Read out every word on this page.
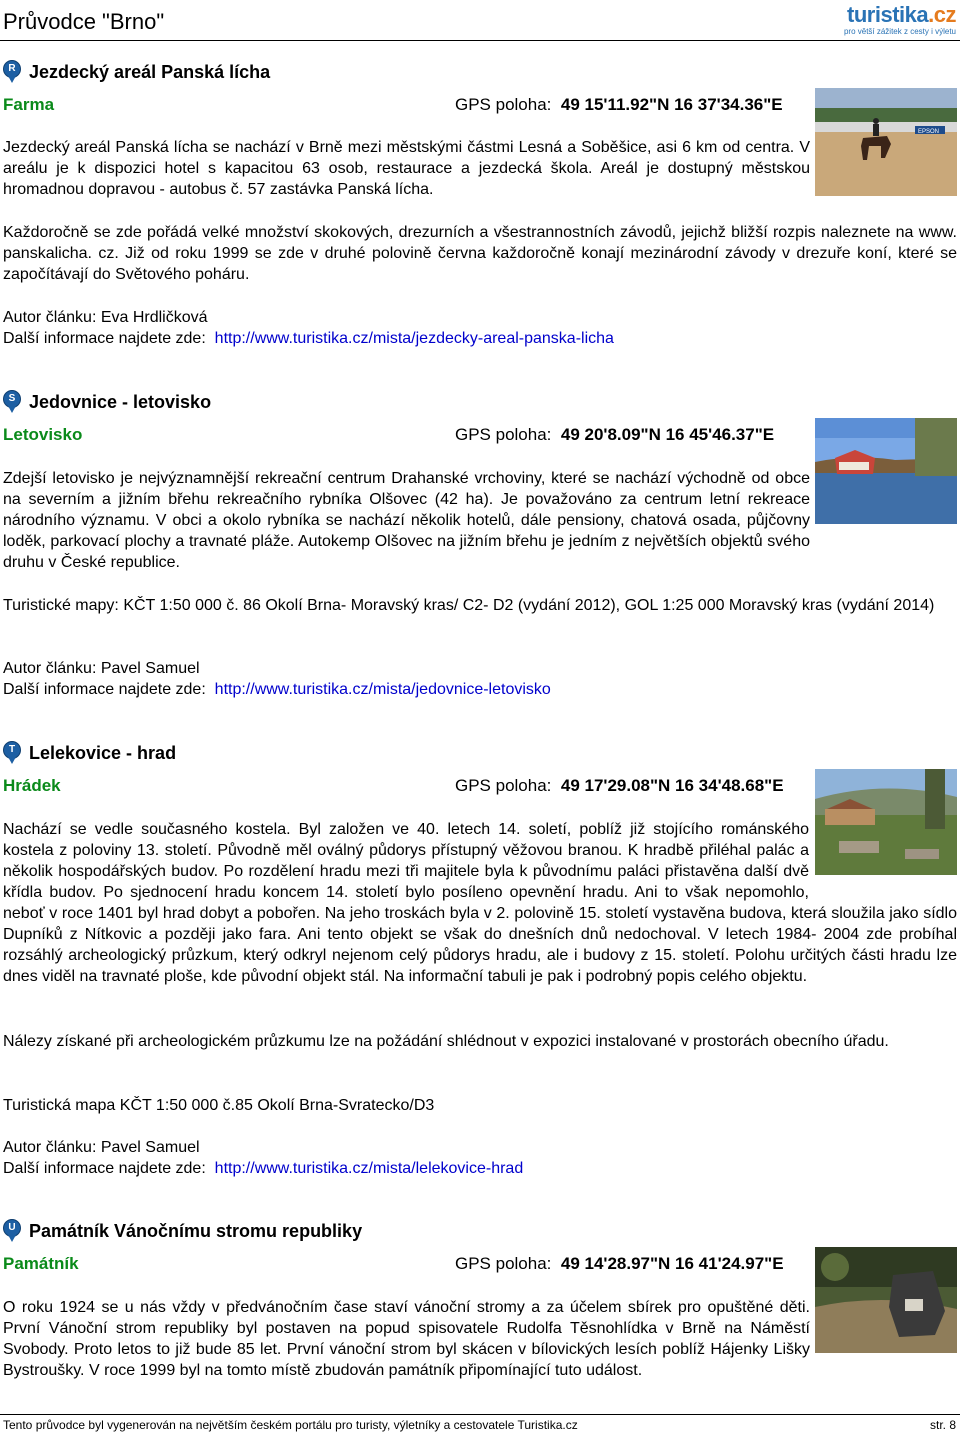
Průvodce "Brno"	turistika.cz
pro větší zážitek z cesty i výletu
R Jezdecký areál Panská lícha
Farma	GPS poloha: 49 15'11.92"N 16 37'34.36"E
EPSON
Jezdecký areál Panská lícha se nachází v Brně mezi městskými částmi Lesná a Soběšice, asi 6 km od centra. V areálu je k dispozici hotel s kapacitou 63 osob, restaurace a jezdecká škola. Areál je dostupný městskou hromadnou dopravou - autobus č. 57 zastávka Panská lícha.
Každoročně se zde pořádá velké množství skokových, drezurních a všestrannostních závodů, jejichž bližší rozpis naleznete na www. panskalicha. cz. Již od roku 1999 se zde v druhé polovině června každoročně konají mezinárodní závody v drezuře koní, které se započítávají do Světového poháru.
Autor článku: Eva Hrdličková
Další informace najdete zde: http://www.turistika.cz/mista/jezdecky-areal-panska-licha
S Jedovnice - letovisko
Letovisko	GPS poloha: 49 20'8.09"N 16 45'46.37"E
Zdejší letovisko je nejvýznamnější rekreační centrum Drahanské vrchoviny, které se nachází východně od obce na severním a jižním břehu rekreačního rybníka Olšovec (42 ha). Je považováno za centrum letní rekreace národního významu. V obci a okolo rybníka se nachází několik hotelů, dále pensiony, chatová osada, půjčovny loděk, parkovací plochy a travnaté pláže. Autokemp Olšovec na jižním břehu je jedním z největších objektů svého druhu v České republice.
Turistické mapy: KČT 1:50 000 č. 86 Okolí Brna- Moravský kras/ C2- D2 (vydání 2012), GOL 1:25 000 Moravský kras (vydání 2014)
Autor článku: Pavel Samuel
Další informace najdete zde: http://www.turistika.cz/mista/jedovnice-letovisko
T Lelekovice - hrad
Hrádek	GPS poloha: 49 17'29.08"N 16 34'48.68"E
Nachází se vedle současného kostela. Byl založen ve 40. letech 14. soletí, poblíž již stojícího románského kostela z poloviny 13. století. Původně měl oválný půdorys přístupný věžovou branou. K hradbě přiléhal palác a několik hospodářských budov. Po rozdělení hradu mezi tři majitele byla k původnímu paláci přistavěna další dvě křídla budov. Po sjednocení hradu koncem 14. století bylo posíleno opevnění hradu. Ani to však nepomohlo, neboť v roce 1401 byl hrad dobyt a pobořen. Na jeho troskách byla v 2. polovině 15. století vystavěna budova, která sloužila jako sídlo Dupníků z Nítkovic a později jako fara. Ani tento objekt se však do dnešních dnů nedochoval. V letech 1984- 2004 zde probíhal rozsáhlý archeologický průzkum, který odkryl nejenom celý půdorys hradu, ale i budovy z 15. století. Polohu určitých části hradu lze dnes viděl na travnaté ploše, kde původní objekt stál. Na informační tabuli je pak i podrobný popis celého objektu.
Nálezy získané při archeologickém průzkumu lze na požádání shlédnout v expozici instalované v prostorách obecního úřadu.
Turistická mapa KČT 1:50 000 č.85 Okolí Brna-Svratecko/D3
Autor článku: Pavel Samuel
Další informace najdete zde: http://www.turistika.cz/mista/lelekovice-hrad
U Památník Vánočnímu stromu republiky
Památník	GPS poloha: 49 14'28.97"N 16 41'24.97"E
O roku 1924 se u nás vždy v předvánočním čase staví vánoční stromy a za účelem sbírek pro opuštěné děti. První Vánoční strom republiky byl postaven na popud spisovatele Rudolfa Těsnohlídka v Brně na Náměstí Svobody. Proto letos to již bude 85 let. První vánoční strom byl skácen v bílovických lesích poblíž Hájenky Lišky Bystroušky. V roce 1999 byl na tomto místě zbudován památník připomínající tuto událost.
Tento průvodce byl vygenerován na největším českém portálu pro turisty, výletníky a cestovatele Turistika.cz	str. 8
